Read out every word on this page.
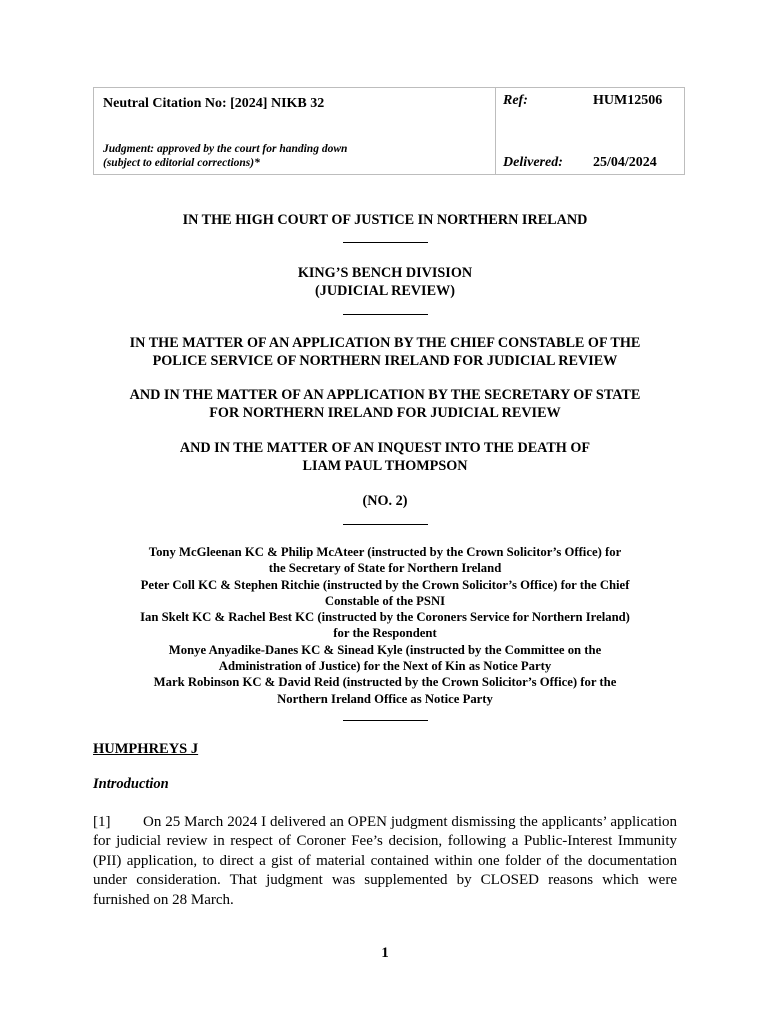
Neutral Citation No: [2024] NIKB 32
Judgment: approved by the court for handing down
(subject to editorial corrections)*
Ref:	HUM12506
Delivered: 25/04/2024
IN THE HIGH COURT OF JUSTICE IN NORTHERN IRELAND
KING’S BENCH DIVISION
(JUDICIAL REVIEW)
IN THE MATTER OF AN APPLICATION BY THE CHIEF CONSTABLE OF THE
POLICE SERVICE OF NORTHERN IRELAND FOR JUDICIAL REVIEW
AND IN THE MATTER OF AN APPLICATION BY THE SECRETARY OF STATE
FOR NORTHERN IRELAND FOR JUDICIAL REVIEW
AND IN THE MATTER OF AN INQUEST INTO THE DEATH OF
LIAM PAUL THOMPSON
(NO. 2)
Tony McGleenan KC & Philip McAteer (instructed by the Crown Solicitor’s Office) for
the Secretary of State for Northern Ireland
Peter Coll KC & Stephen Ritchie (instructed by the Crown Solicitor’s Office) for the Chief
Constable of the PSNI
Ian Skelt KC & Rachel Best KC (instructed by the Coroners Service for Northern Ireland)
for the Respondent
Monye Anyadike-Danes KC & Sinead Kyle (instructed by the Committee on the
Administration of Justice) for the Next of Kin as Notice Party
Mark Robinson KC & David Reid (instructed by the Crown Solicitor’s Office) for the
Northern Ireland Office as Notice Party
HUMPHREYS J
Introduction
[1] On 25 March 2024 I delivered an OPEN judgment dismissing the applicants’ application for judicial review in respect of Coroner Fee’s decision, following a Public-Interest Immunity (PII) application, to direct a gist of material contained within one folder of the documentation under consideration. That judgment was supplemented by CLOSED reasons which were furnished on 28 March.
1
